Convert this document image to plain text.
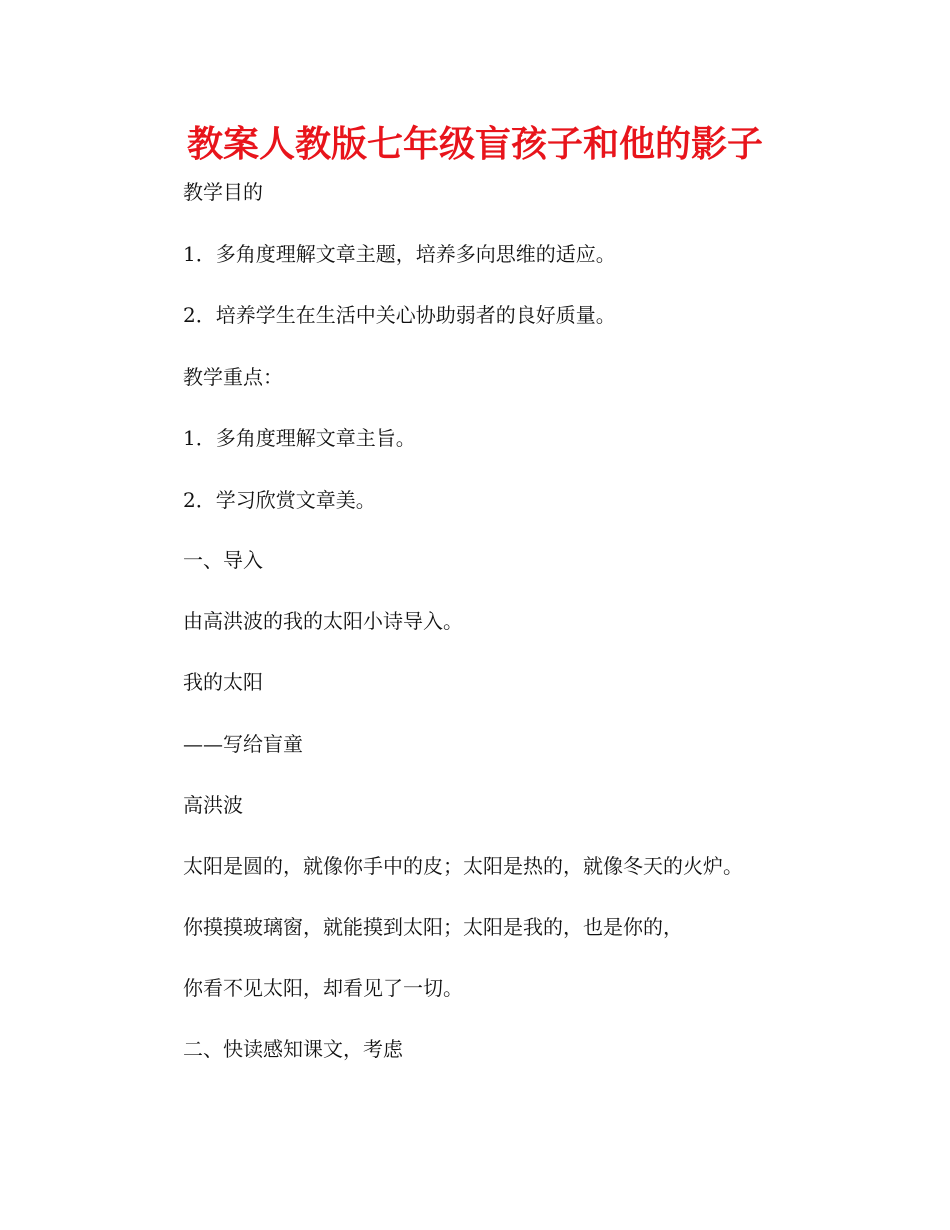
教案人教版七年级盲孩子和他的影子
教学目的
1．多角度理解文章主题，培养多向思维的适应。
2．培养学生在生活中关心协助弱者的良好质量。
教学重点：
1．多角度理解文章主旨。
2．学习欣赏文章美。
一、导入
由高洪波的我的太阳小诗导入。
我的太阳
——写给盲童
高洪波
太阳是圆的，就像你手中的皮；太阳是热的，就像冬天的火炉。
你摸摸玻璃窗，就能摸到太阳；太阳是我的，也是你的，
你看不见太阳，却看见了一切。
二、快读感知课文，考虑
